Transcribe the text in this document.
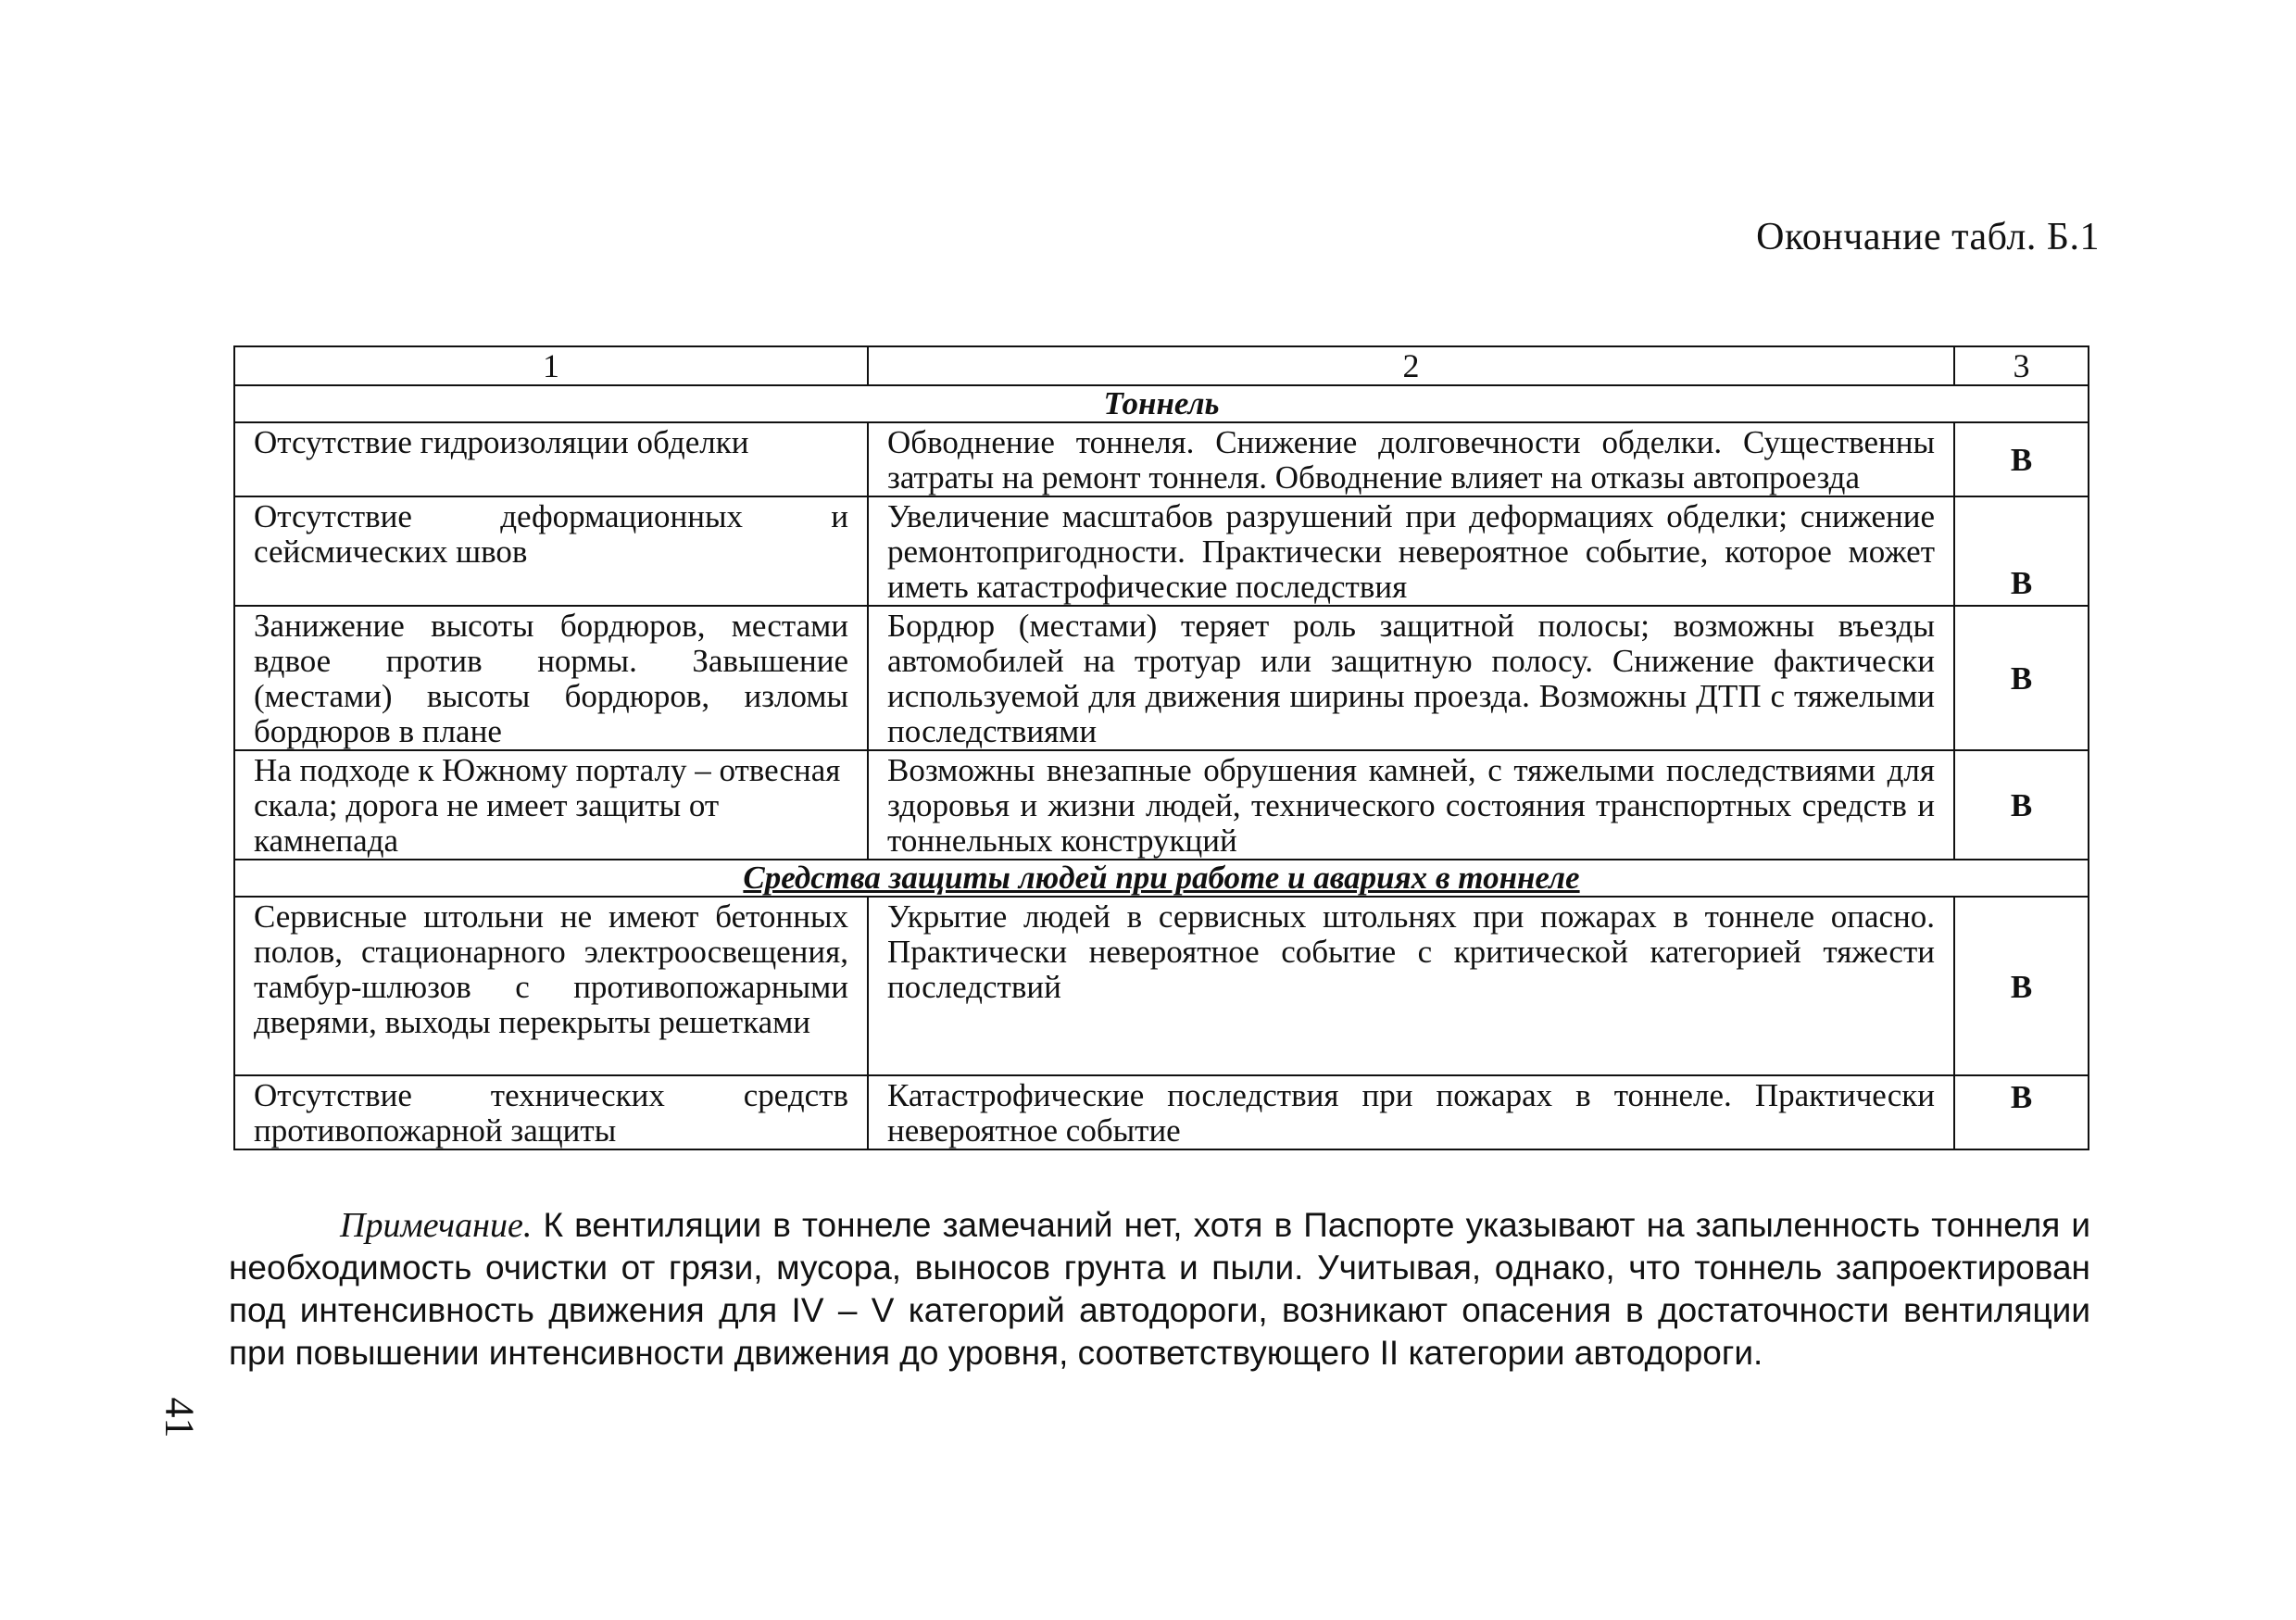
Окончание табл. Б.1
1	2	3
Тоннель		
Отсутствие гидроизоляции обделки	Обводнение тоннеля. Снижение долговечности обделки. Существенны затраты на ремонт тоннеля. Обводнение влияет на отказы автопроезда	В
Отсутствие деформационных и сейсмических швов	Увеличение масштабов разрушений при деформациях обделки; снижение ремонтопригодности. Практически невероятное событие, которое может иметь катастрофические последствия	В
Занижение высоты бордюров, местами вдвое против нормы. Завышение (местами) высоты бордюров, изломы бордюров в плане	Бордюр (местами) теряет роль защитной полосы; возможны въезды автомобилей на тротуар или защитную полосу. Снижение фактически используемой для движения ширины проезда. Возможны ДТП с тяжелыми последствиями	В
На подходе к Южному порталу – отвесная скала; дорога не имеет защиты от камнепада	Возможны внезапные обрушения камней, с тяжелыми последствиями для здоровья и жизни людей, технического состояния транспортных средств и тоннельных конструкций	В
Средства защиты людей при работе и авариях в тоннеле		
Сервисные штольни не имеют бетонных полов, стационарного электроосвещения, тамбур-шлюзов с противопожарными дверями, выходы перекрыты решетками	Укрытие людей в сервисных штольнях при пожарах в тоннеле опасно. Практически невероятное событие с критической категорией тяжести последствий	В
Отсутствие технических средств противопожарной защиты	Катастрофические последствия при пожарах в тоннеле. Практически невероятное событие	В
Примечание. К вентиляции в тоннеле замечаний нет, хотя в Паспорте указывают на запыленность тоннеля и необходимость очистки от грязи, мусора, выносов грунта и пыли. Учитывая, однако, что тоннель запроектирован под интенсивность движения для IV – V категорий автодороги, возникают опасения в достаточности вентиляции при повышении интенсивности движения до уровня, соответствующего II категории автодороги.
41
